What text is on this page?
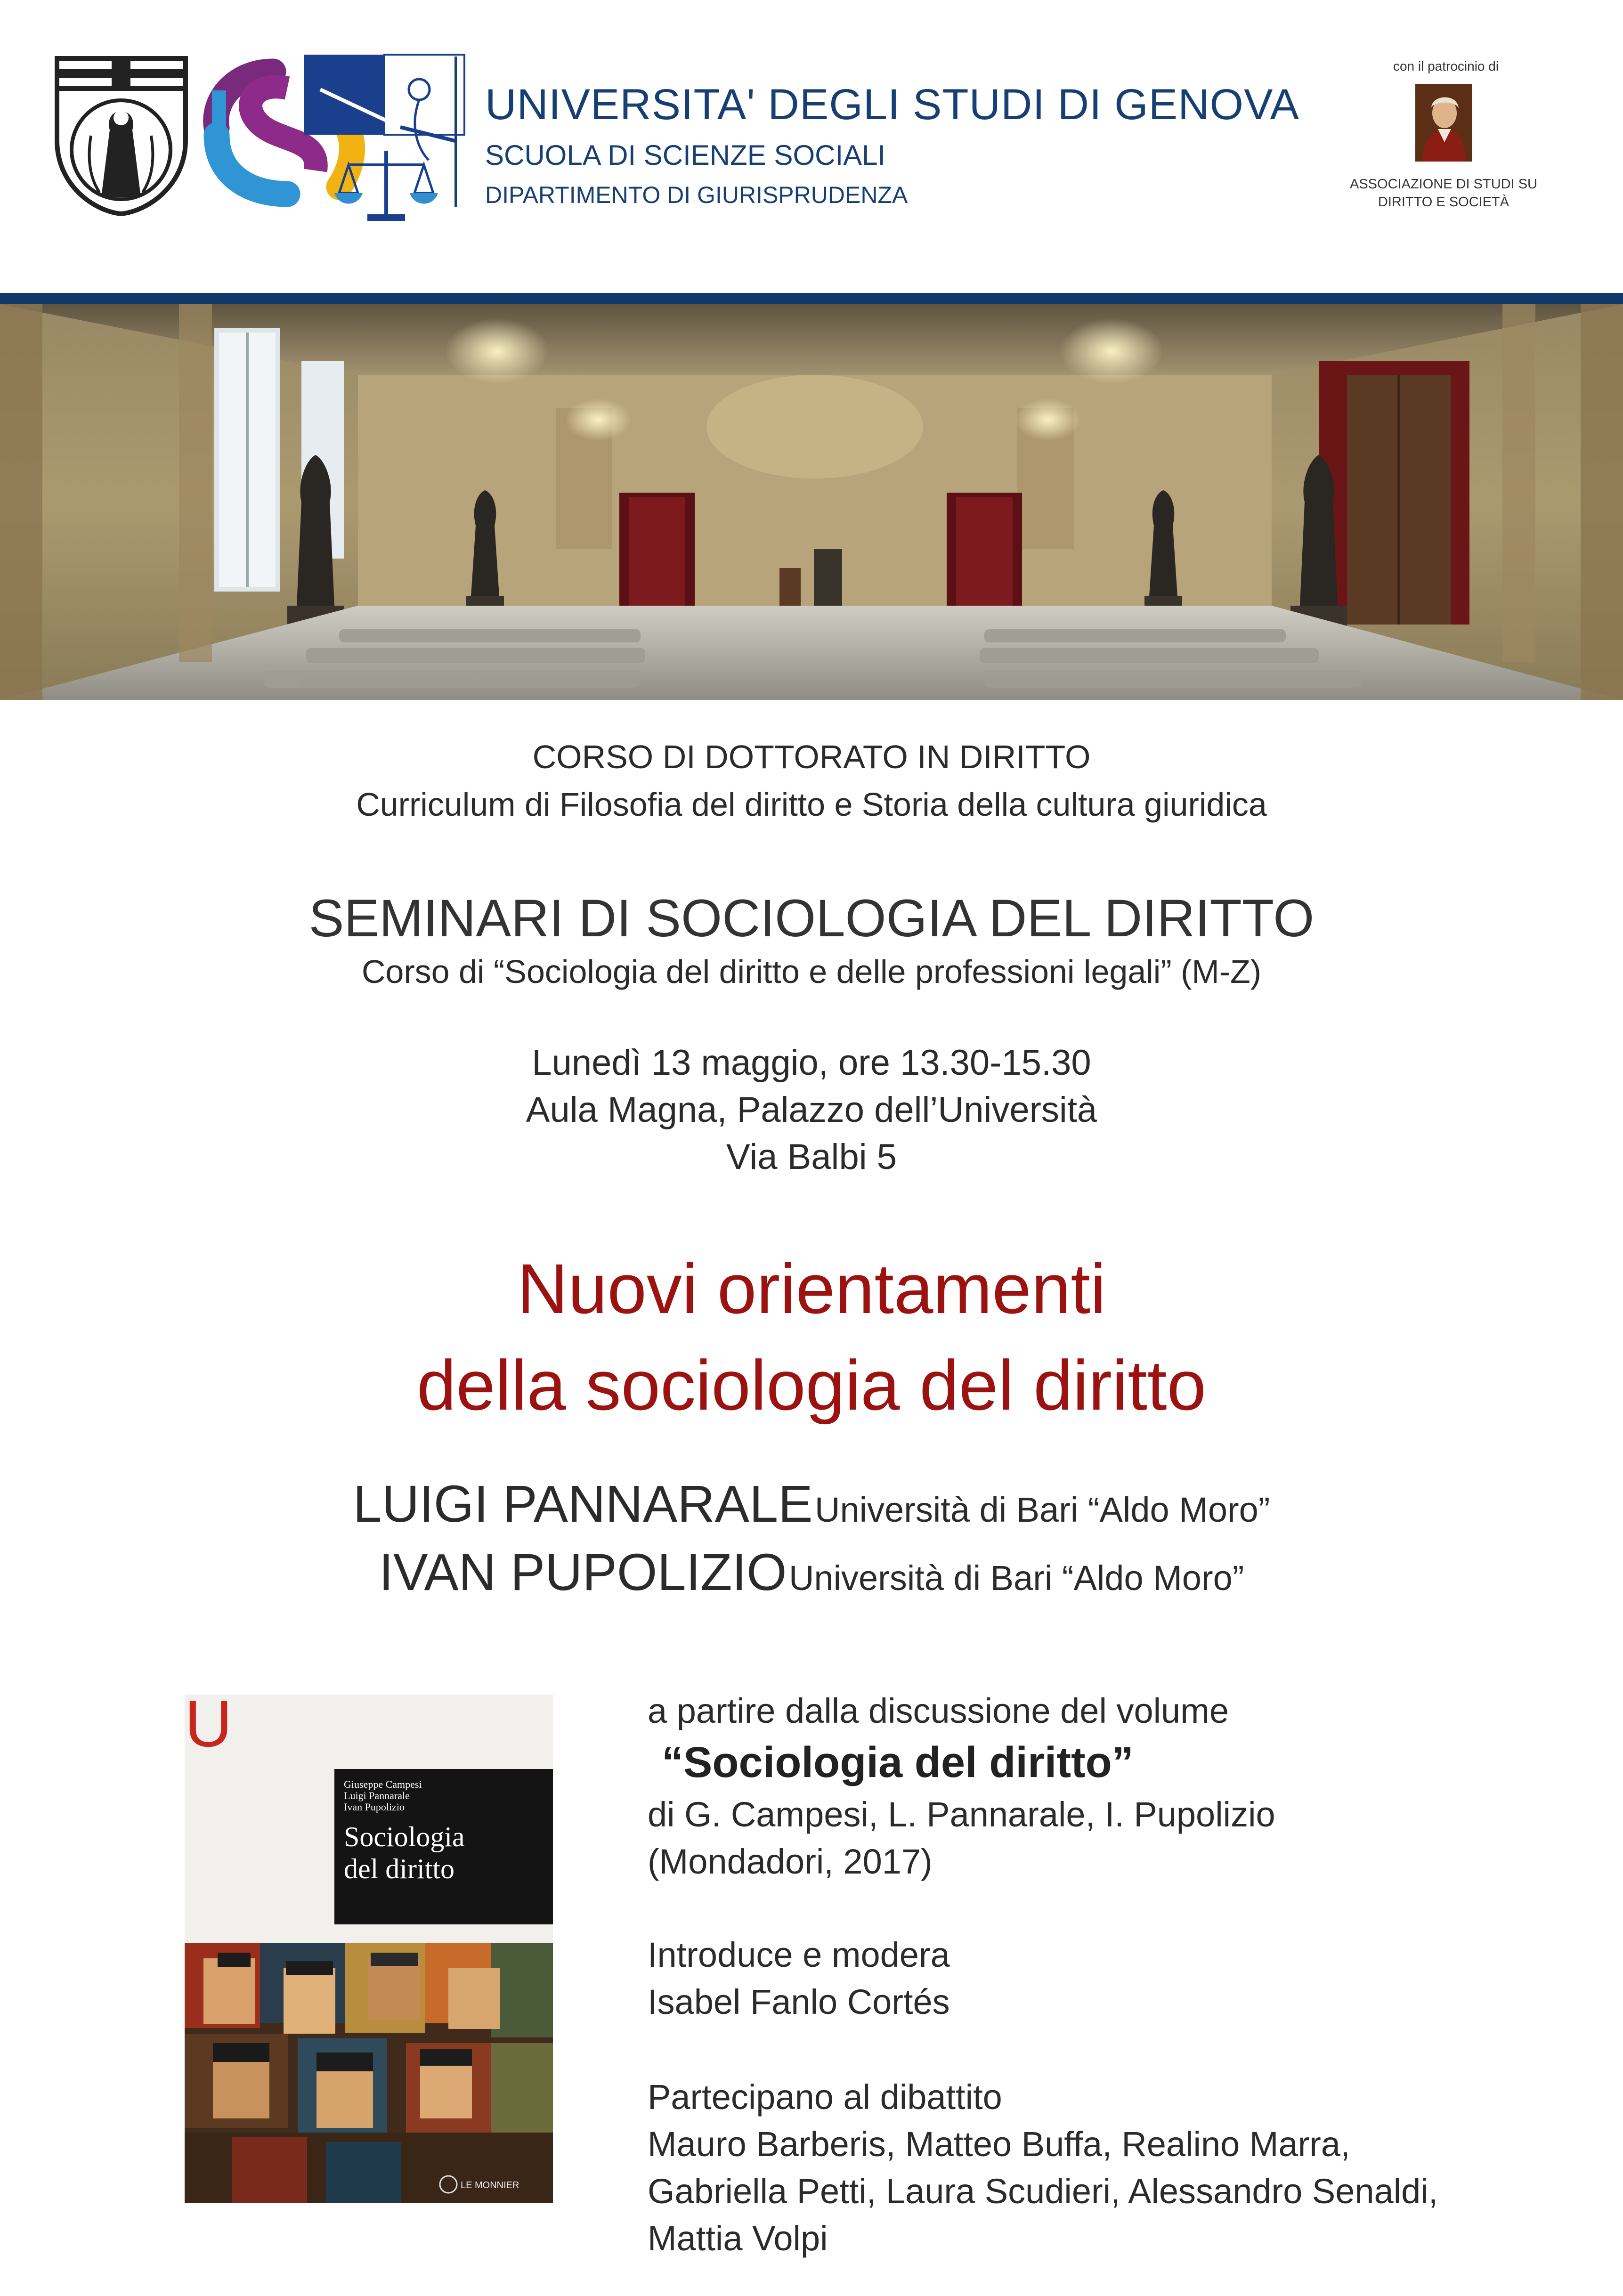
UNIVERSITA' DEGLI STUDI DI GENOVA
SCUOLA DI SCIENZE SOCIALI
DIPARTIMENTO DI GIURISPRUDENZA
con il patrocinio di
ASSOCIAZIONE DI STUDI SU DIRITTO E SOCIETÀ
CORSO DI DOTTORATO IN DIRITTO
Curriculum di Filosofia del diritto e Storia della cultura giuridica
SEMINARI DI SOCIOLOGIA DEL DIRITTO
Corso di “Sociologia del diritto e delle professioni legali” (M-Z)
Lunedì 13 maggio, ore 13.30-15.30
Aula Magna, Palazzo dell’Università
Via Balbi 5
Nuovi orientamenti
della sociologia del diritto
LUIGI PANNARALE Università di Bari “Aldo Moro”
IVAN PUPOLIZIO Università di Bari “Aldo Moro”
U
Giuseppe Campesi
Luigi Pannarale
Ivan Pupolizio
Sociologia
del diritto
LE MONNIER
a partire dalla discussione del volume
“Sociologia del diritto”
di G. Campesi, L. Pannarale, I. Pupolizio
(Mondadori, 2017)
Introduce e modera
Isabel Fanlo Cortés
Partecipano al dibattito
Mauro Barberis, Matteo Buffa, Realino Marra,
Gabriella Petti, Laura Scudieri, Alessandro Senaldi,
Mattia Volpi
